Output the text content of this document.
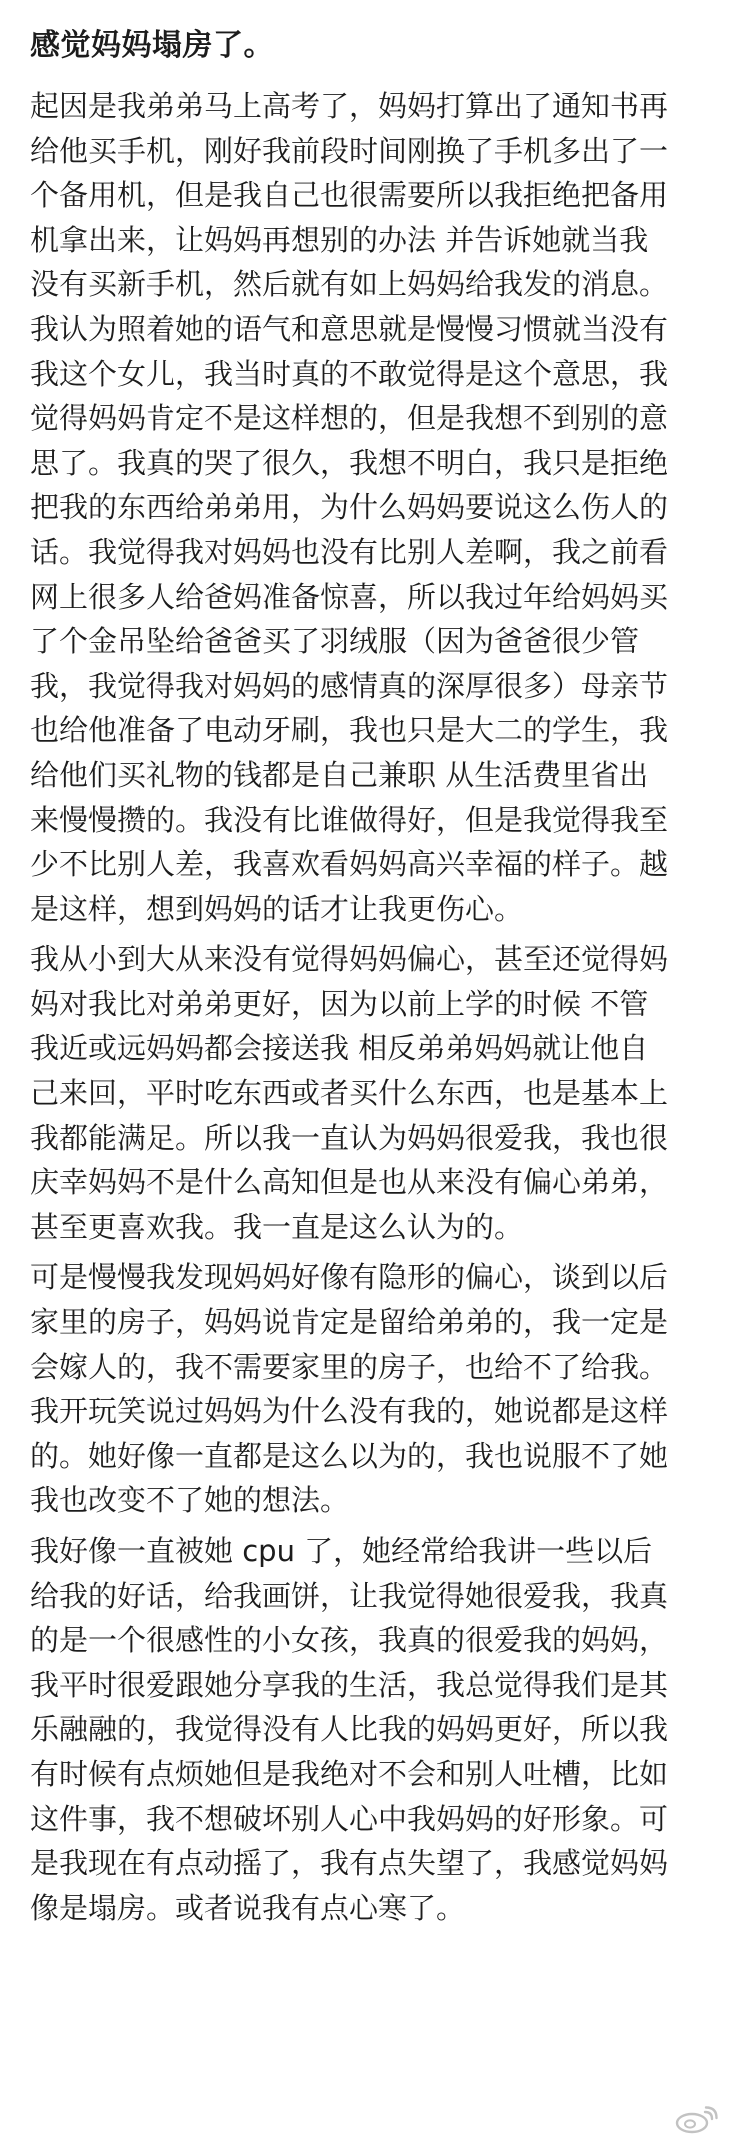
感觉妈妈塌房了。
起因是我弟弟马上高考了，妈妈打算出了通知书再
给他买手机，刚好我前段时间刚换了手机多出了一
个备用机，但是我自己也很需要所以我拒绝把备用
机拿出来，让妈妈再想别的办法 并告诉她就当我
没有买新手机，然后就有如上妈妈给我发的消息。
我认为照着她的语气和意思就是慢慢习惯就当没有
我这个女儿，我当时真的不敢觉得是这个意思，我
觉得妈妈肯定不是这样想的，但是我想不到别的意
思了。我真的哭了很久，我想不明白，我只是拒绝
把我的东西给弟弟用，为什么妈妈要说这么伤人的
话。我觉得我对妈妈也没有比别人差啊，我之前看
网上很多人给爸妈准备惊喜，所以我过年给妈妈买
了个金吊坠给爸爸买了羽绒服（因为爸爸很少管
我，我觉得我对妈妈的感情真的深厚很多）母亲节
也给他准备了电动牙刷，我也只是大二的学生，我
给他们买礼物的钱都是自己兼职 从生活费里省出
来慢慢攒的。我没有比谁做得好，但是我觉得我至
少不比别人差，我喜欢看妈妈高兴幸福的样子。越
是这样，想到妈妈的话才让我更伤心。
我从小到大从来没有觉得妈妈偏心，甚至还觉得妈
妈对我比对弟弟更好，因为以前上学的时候 不管
我近或远妈妈都会接送我 相反弟弟妈妈就让他自
己来回，平时吃东西或者买什么东西，也是基本上
我都能满足。所以我一直认为妈妈很爱我，我也很
庆幸妈妈不是什么高知但是也从来没有偏心弟弟，
甚至更喜欢我。我一直是这么认为的。
可是慢慢我发现妈妈好像有隐形的偏心，谈到以后
家里的房子，妈妈说肯定是留给弟弟的，我一定是
会嫁人的，我不需要家里的房子，也给不了给我。
我开玩笑说过妈妈为什么没有我的，她说都是这样
的。她好像一直都是这么以为的，我也说服不了她
我也改变不了她的想法。
我好像一直被她 cpu 了，她经常给我讲一些以后
给我的好话，给我画饼，让我觉得她很爱我，我真
的是一个很感性的小女孩，我真的很爱我的妈妈，
我平时很爱跟她分享我的生活，我总觉得我们是其
乐融融的，我觉得没有人比我的妈妈更好，所以我
有时候有点烦她但是我绝对不会和别人吐槽，比如
这件事，我不想破坏别人心中我妈妈的好形象。可
是我现在有点动摇了，我有点失望了，我感觉妈妈
像是塌房。或者说我有点心寒了。
